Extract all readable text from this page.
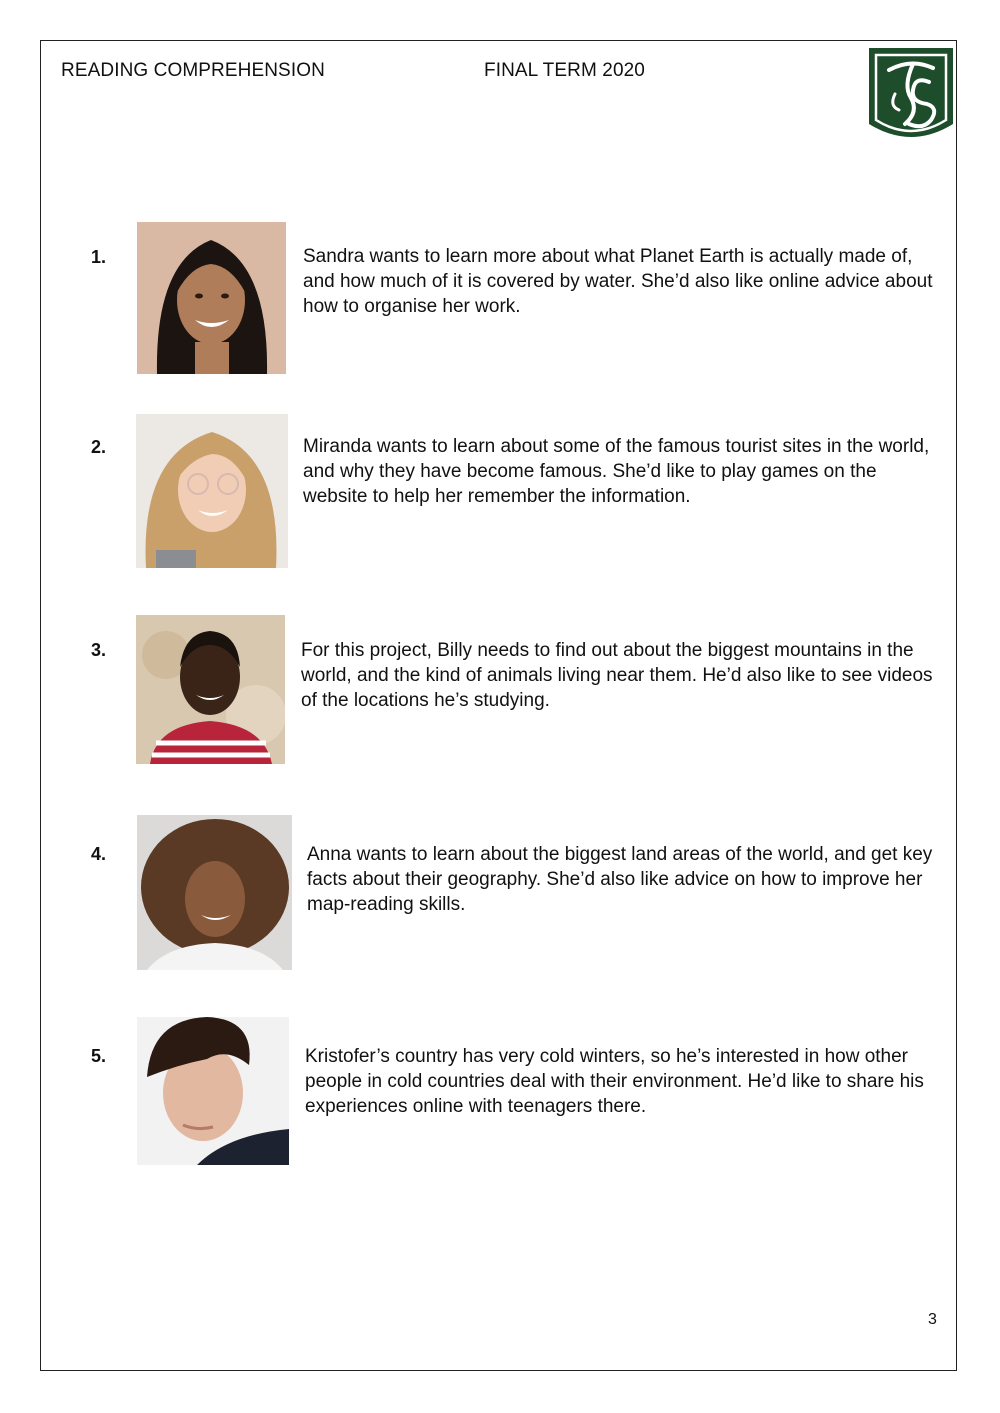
READING COMPREHENSION	FINAL TERM 2020
1.	Sandra wants to learn more about what Planet Earth is actually made of, and how much of it is covered by water. She’d also like online advice about how to organise her work.
2.	Miranda wants to learn about some of the famous tourist sites in the world, and why they have become famous. She’d like to play games on the website to help her remember the information.
3.	For this project, Billy needs to find out about the biggest mountains in the world, and the kind of animals living near them. He’d also like to see videos of the locations he’s studying.
4.	Anna wants to learn about the biggest land areas of the world, and get key facts about their geography. She’d also like advice on how to improve her map-reading skills.
5.	Kristofer’s country has very cold winters, so he’s interested in how other people in cold countries deal with their environment. He’d like to share his experiences online with teenagers there.
3
